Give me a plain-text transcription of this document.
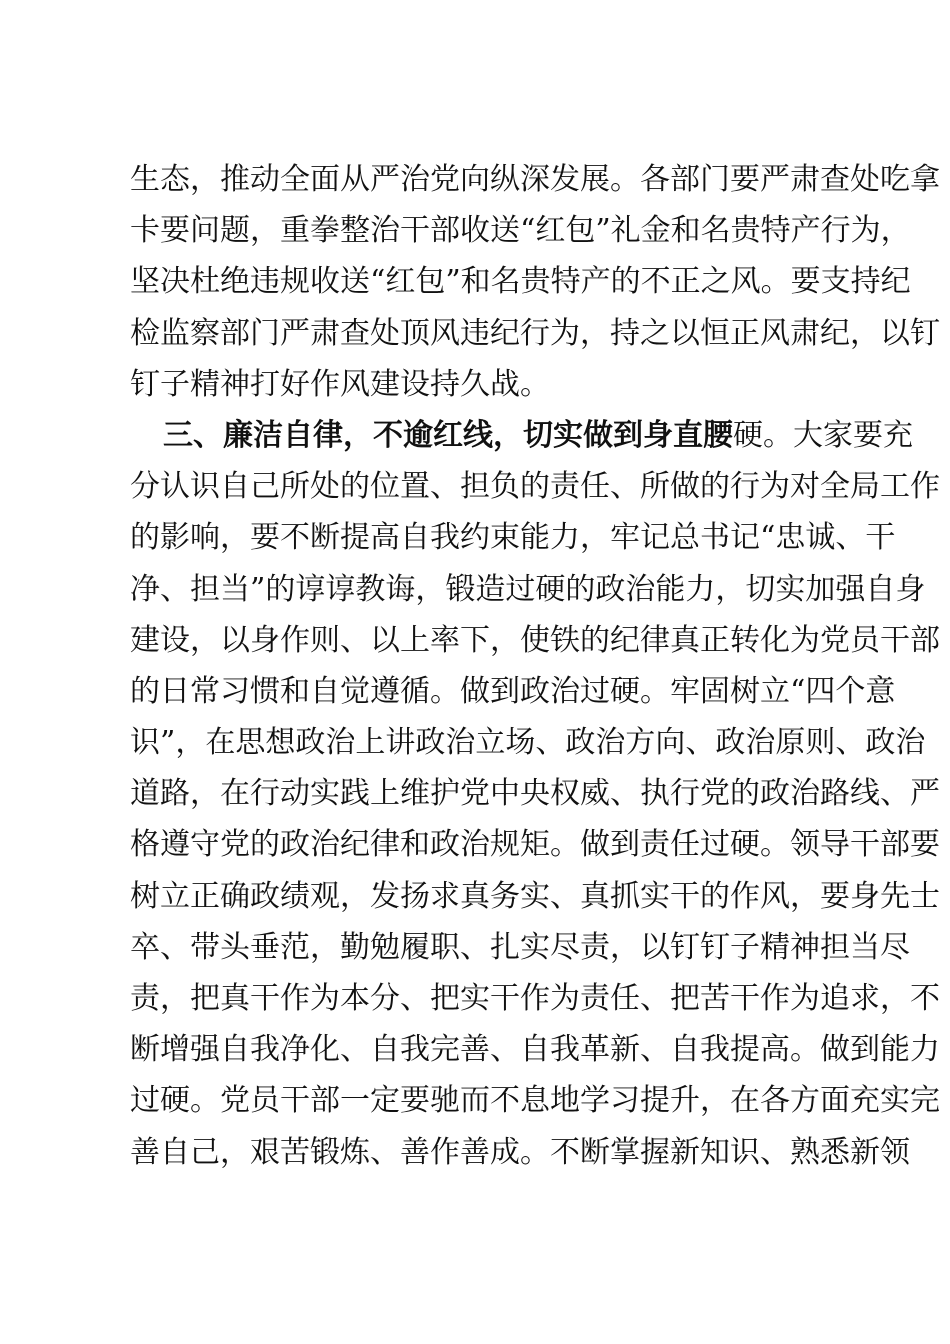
生态，推动全面从严治党向纵深发展。各部门要严肃查处吃拿
卡要问题，重拳整治干部收送“红包”礼金和名贵特产行为，
坚决杜绝违规收送“红包”和名贵特产的不正之风。要支持纪
检监察部门严肃查处顶风违纪行为，持之以恒正风肃纪，以钉
钉子精神打好作风建设持久战。
三、廉洁自律，不逾红线，切实做到身直腰硬。大家要充
分认识自己所处的位置、担负的责任、所做的行为对全局工作
的影响，要不断提高自我约束能力，牢记总书记“忠诚、干
净、担当”的谆谆教诲，锻造过硬的政治能力，切实加强自身
建设，以身作则、以上率下，使铁的纪律真正转化为党员干部
的日常习惯和自觉遵循。做到政治过硬。牢固树立“四个意
识”，在思想政治上讲政治立场、政治方向、政治原则、政治
道路，在行动实践上维护党中央权威、执行党的政治路线、严
格遵守党的政治纪律和政治规矩。做到责任过硬。领导干部要
树立正确政绩观，发扬求真务实、真抓实干的作风，要身先士
卒、带头垂范，勤勉履职、扎实尽责，以钉钉子精神担当尽
责，把真干作为本分、把实干作为责任、把苦干作为追求，不
断增强自我净化、自我完善、自我革新、自我提高。做到能力
过硬。党员干部一定要驰而不息地学习提升，在各方面充实完
善自己，艰苦锻炼、善作善成。不断掌握新知识、熟悉新领
